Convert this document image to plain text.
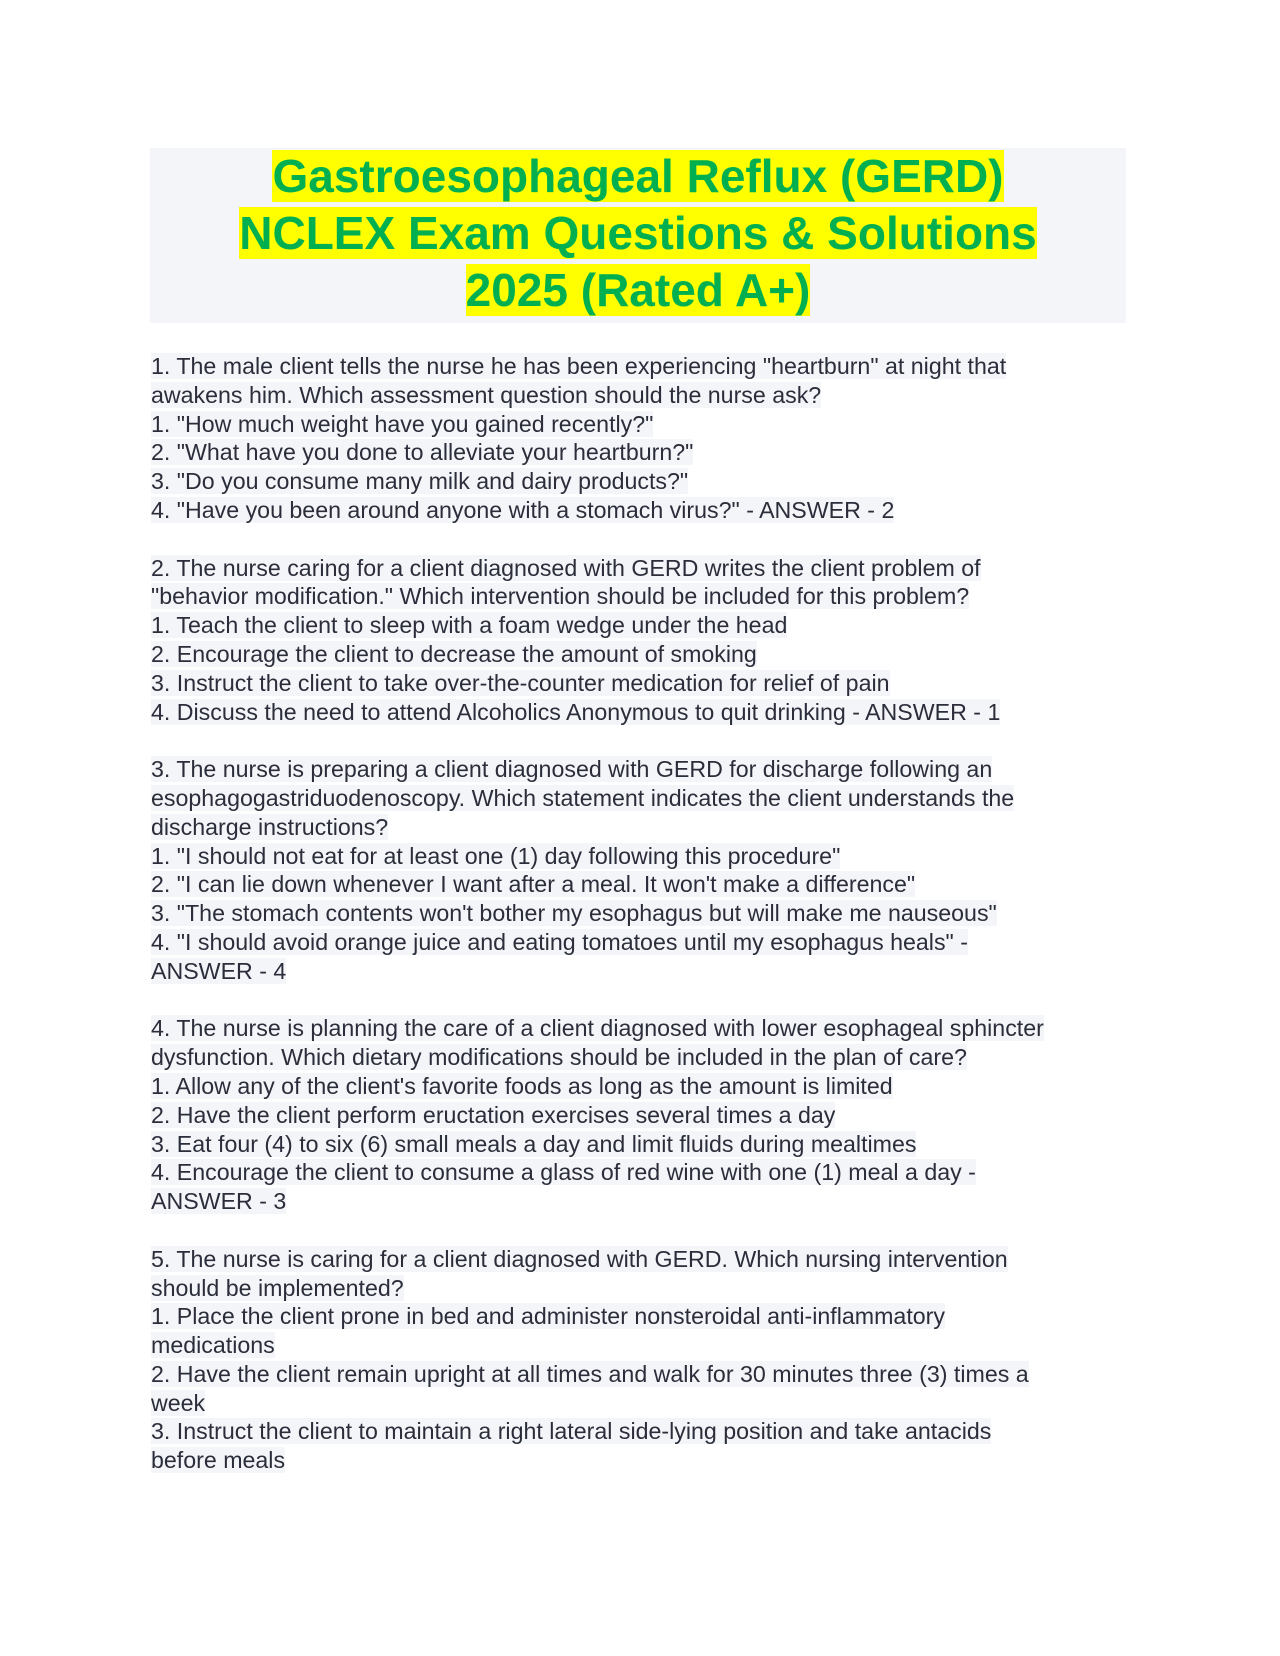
Gastroesophageal Reflux (GERD)
NCLEX Exam Questions & Solutions
2025 (Rated A+)
1. The male client tells the nurse he has been experiencing "heartburn" at night that
awakens him. Which assessment question should the nurse ask?
1. "How much weight have you gained recently?"
2. "What have you done to alleviate your heartburn?"
3. "Do you consume many milk and dairy products?"
4. "Have you been around anyone with a stomach virus?" - ANSWER - 2
2. The nurse caring for a client diagnosed with GERD writes the client problem of
"behavior modification." Which intervention should be included for this problem?
1. Teach the client to sleep with a foam wedge under the head
2. Encourage the client to decrease the amount of smoking
3. Instruct the client to take over-the-counter medication for relief of pain
4. Discuss the need to attend Alcoholics Anonymous to quit drinking - ANSWER - 1
3. The nurse is preparing a client diagnosed with GERD for discharge following an
esophagogastriduodenoscopy. Which statement indicates the client understands the
discharge instructions?
1. "I should not eat for at least one (1) day following this procedure"
2. "I can lie down whenever I want after a meal. It won't make a difference"
3. "The stomach contents won't bother my esophagus but will make me nauseous"
4. "I should avoid orange juice and eating tomatoes until my esophagus heals" -
ANSWER - 4
4. The nurse is planning the care of a client diagnosed with lower esophageal sphincter
dysfunction. Which dietary modifications should be included in the plan of care?
1. Allow any of the client's favorite foods as long as the amount is limited
2. Have the client perform eructation exercises several times a day
3. Eat four (4) to six (6) small meals a day and limit fluids during mealtimes
4. Encourage the client to consume a glass of red wine with one (1) meal a day -
ANSWER - 3
5. The nurse is caring for a client diagnosed with GERD. Which nursing intervention
should be implemented?
1. Place the client prone in bed and administer nonsteroidal anti-inflammatory
medications
2. Have the client remain upright at all times and walk for 30 minutes three (3) times a
week
3. Instruct the client to maintain a right lateral side-lying position and take antacids
before meals
